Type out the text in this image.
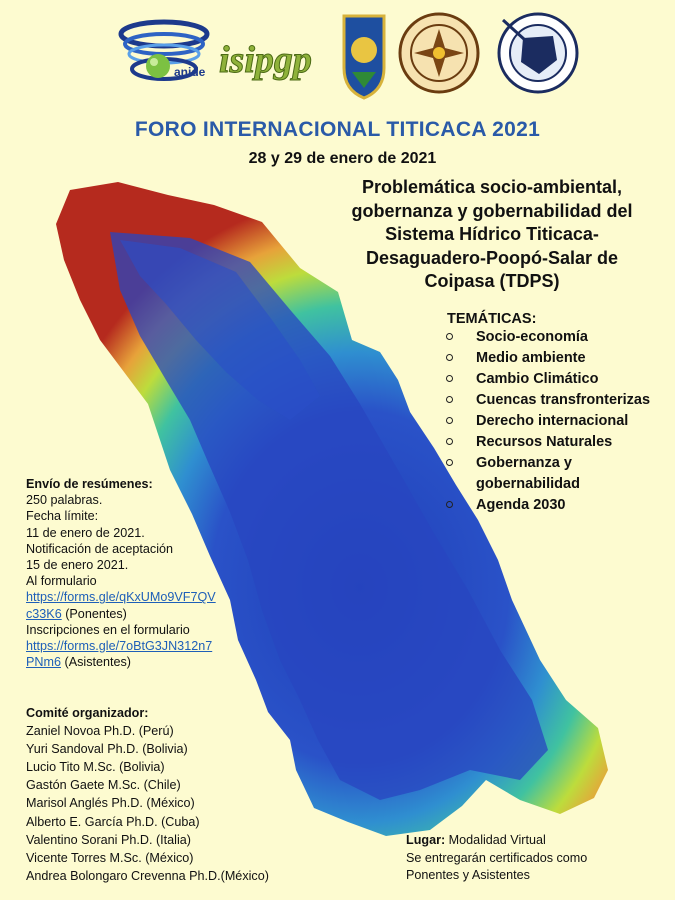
anide isipgp
FORO INTERNACIONAL TITICACA 2021

28 y 29 de enero de 2021

Problemática socio-ambiental,
gobernanza y gobernabilidad del
Sistema Hídrico Titicaca-
Desaguadero-Poopó-Salar de
Coipasa (TDPS)
TEMÁTICAS:
Socio-economía
Medio ambiente
Cambio Climático
Cuencas transfronterizas
Derecho internacional
Recursos Naturales
Gobernanza y
gobernabilidad
Agenda 2030
Envío de resúmenes:
250 palabras.
Fecha límite:
11 de enero de 2021.
Notificación de aceptación
15 de enero 2021.
Al formulario
https://forms.gle/qKxUMo9VF7QV
c33K6 (Ponentes)
Inscripciones en el formulario
https://forms.gle/7oBtG3JN312n7
PNm6 (Asistentes)
Comité organizador:
Zaniel Novoa Ph.D. (Perú)
Yuri Sandoval Ph.D. (Bolivia)
Lucio Tito M.Sc. (Bolivia)
Gastón Gaete M.Sc. (Chile)
Marisol Anglés Ph.D. (México)
Alberto E. García Ph.D. (Cuba)
Valentino Sorani Ph.D. (Italia)
Vicente Torres M.Sc. (México)
Andrea Bolongaro Crevenna Ph.D.(México)
Lugar: Modalidad Virtual
Se entregarán certificados como
Ponentes y Asistentes
